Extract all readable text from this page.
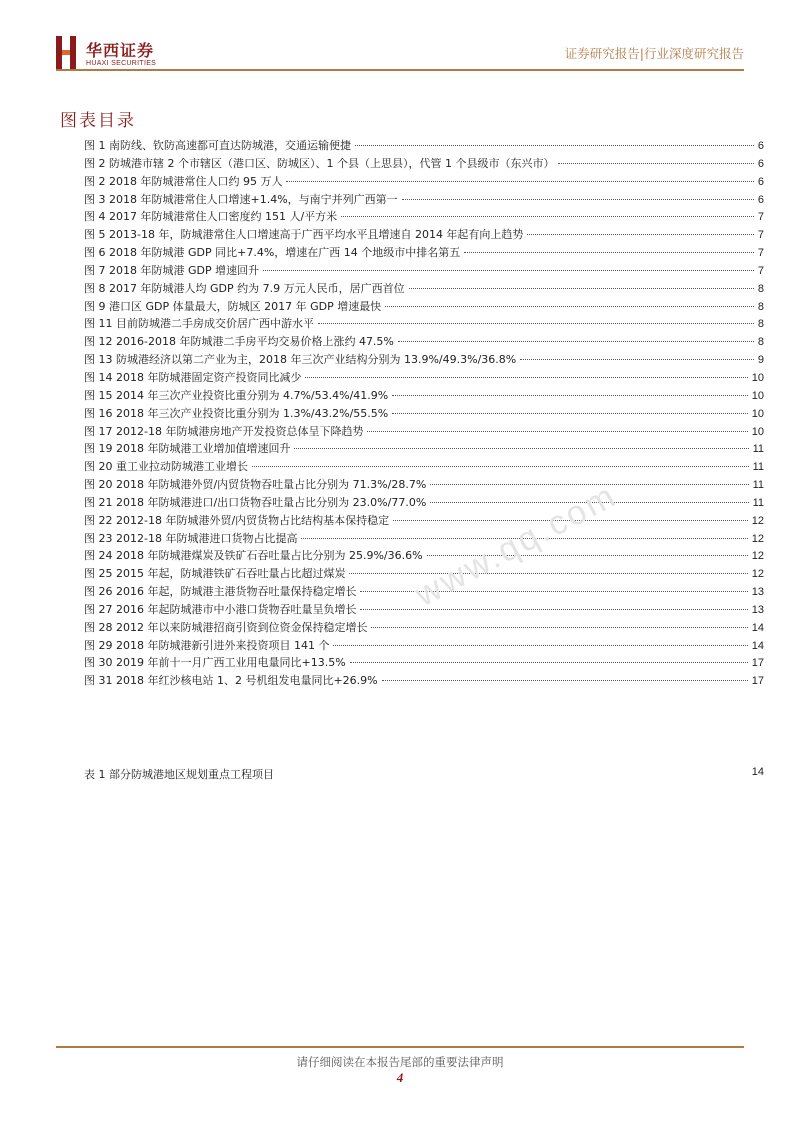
华西证券
HUAXI SECURITIES
证券研究报告|行业深度研究报告
图表目录
图 1 南防线、钦防高速都可直达防城港，交通运输便捷	6
图 2 防城港市辖 2 个市辖区（港口区、防城区）、1 个县（上思县），代管 1 个县级市（东兴市）	6
图 2 2018 年防城港常住人口约 95 万人	6
图 3 2018 年防城港常住人口增速+1.4%，与南宁并列广西第一	6
图 4 2017 年防城港常住人口密度约 151 人/平方米	7
图 5 2013-18 年，防城港常住人口增速高于广西平均水平且增速自 2014 年起有向上趋势	7
图 6 2018 年防城港 GDP 同比+7.4%，增速在广西 14 个地级市中排名第五	7
图 7 2018 年防城港 GDP 增速回升	7
图 8 2017 年防城港人均 GDP 约为 7.9 万元人民币，居广西首位	8
图 9 港口区 GDP 体量最大，防城区 2017 年 GDP 增速最快	8
图 11 目前防城港二手房成交价居广西中游水平	8
图 12 2016-2018 年防城港二手房平均交易价格上涨约 47.5%	8
图 13 防城港经济以第二产业为主，2018 年三次产业结构分别为 13.9%/49.3%/36.8%	9
图 14 2018 年防城港固定资产投资同比减少	10
图 15 2014 年三次产业投资比重分别为 4.7%/53.4%/41.9%	10
图 16 2018 年三次产业投资比重分别为 1.3%/43.2%/55.5%	10
图 17 2012-18 年防城港房地产开发投资总体呈下降趋势	10
图 19 2018 年防城港工业增加值增速回升	11
图 20 重工业拉动防城港工业增长	11
图 20 2018 年防城港外贸/内贸货物吞吐量占比分别为 71.3%/28.7%	11
图 21 2018 年防城港进口/出口货物吞吐量占比分别为 23.0%/77.0%	11
图 22 2012-18 年防城港外贸/内贸货物占比结构基本保持稳定	12
图 23 2012-18 年防城港进口货物占比提高	12
图 24 2018 年防城港煤炭及铁矿石吞吐量占比分别为 25.9%/36.6%	12
图 25 2015 年起，防城港铁矿石吞吐量占比超过煤炭	12
图 26 2016 年起，防城港主港货物吞吐量保持稳定增长	13
图 27 2016 年起防城港市中小港口货物吞吐量呈负增长	13
图 28 2012 年以来防城港招商引资到位资金保持稳定增长	14
图 29 2018 年防城港新引进外来投资项目 141 个	14
图 30 2019 年前十一月广西工业用电量同比+13.5%	17
图 31 2018 年红沙核电站 1、2 号机组发电量同比+26.9%	17
表 1 部分防城港地区规划重点工程项目	14
www.qq.com
请仔细阅读在本报告尾部的重要法律声明
4
